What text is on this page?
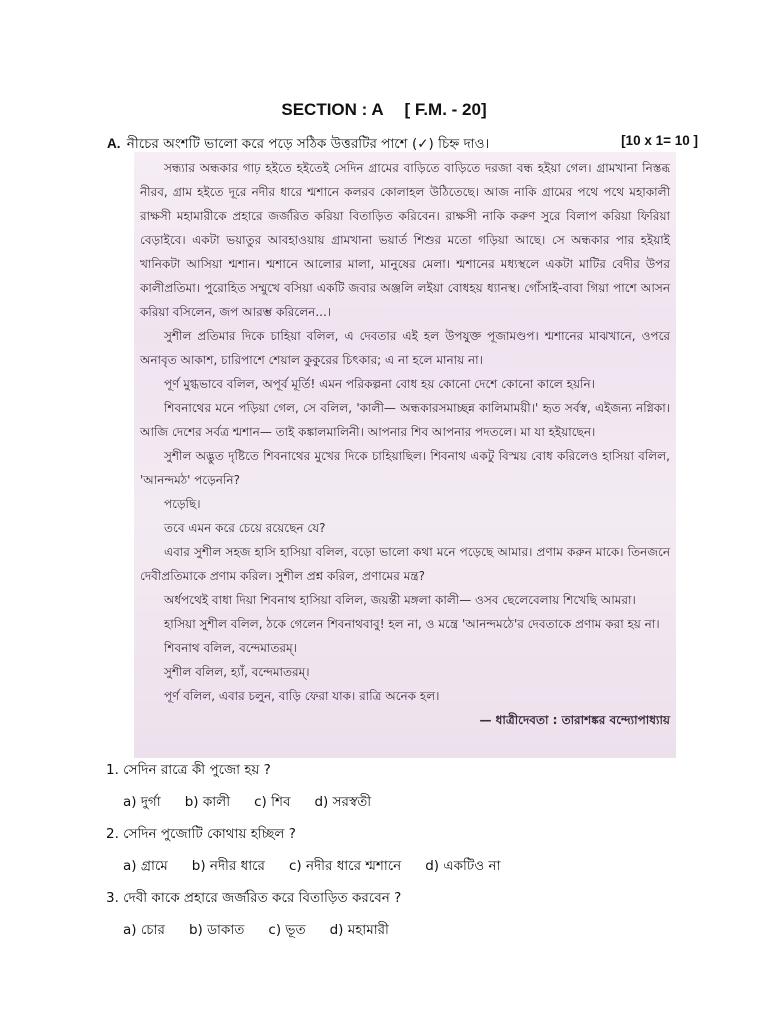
SECTION : A [ F.M. - 20]
A. নীচের অংশটি ভালো করে পড়ে সঠিক উত্তরটির পাশে (✓) চিহ্ন দাও।	[10 x 1= 10 ]

সন্ধ্যার অন্ধকার গাঢ় হইতে হইতেই সেদিন গ্রামের বাড়িতে বাড়িতে দরজা বন্ধ হইয়া গেল। গ্রামখানা নিস্তব্ধ নীরব, গ্রাম হইতে দূরে নদীর ধারে শ্মশানে কলরব কোলাহল উঠিতেছে। আজ নাকি গ্রামের পথে পথে মহাকালী রাক্ষসী মহামারীকে প্রহারে জর্জরিত করিয়া বিতাড়িত করিবেন। রাক্ষসী নাকি করুণ সুরে বিলাপ করিয়া ফিরিয়া বেড়াইবে। একটা ভয়াতুর আবহাওয়ায় গ্রামখানা ভয়ার্ত শিশুর মতো গড়িয়া আছে। সে অন্ধকার পার হইয়াই খানিকটা আসিয়া শ্মশান। শ্মশানে আলোর মালা, মানুষের মেলা। শ্মশানের মধ্যস্থলে একটা মাটির বেদীর উপর কালীপ্রতিমা। পুরোহিত সম্মুখে বসিয়া একটি জবার অঞ্জলি লইয়া বোধহয় ধ্যানস্থ। গোঁসাই-বাবা গিয়া পাশে আসন করিয়া বসিলেন, জপ আরম্ভ করিলেন...।

সুশীল প্রতিমার দিকে চাহিয়া বলিল, এ দেবতার এই হল উপযুক্ত পূজামণ্ডপ। শ্মশানের মাঝখানে, ওপরে অনাবৃত আকাশ, চারিপাশে শেয়াল কুকুরের চিৎকার; এ না হলে মানায় না।

পূর্ণ মুগ্ধভাবে বলিল, অপূর্ব মূর্তি! এমন পরিকল্পনা বোধ হয় কোনো দেশে কোনো কালে হয়নি।

শিবনাথের মনে পড়িয়া গেল, সে বলিল, 'কালী— অন্ধকারসমাচ্ছন্ন কালিমাময়ী।' হৃত সর্বস্ব, এইজন্য নগ্নিকা। আজি দেশের সর্বত্র শ্মশান— তাই কঙ্কালমালিনী। আপনার শিব আপনার পদতলে। মা যা হইয়াছেন।

সুশীল অদ্ভুত দৃষ্টিতে শিবনাথের মুখের দিকে চাহিয়াছিল। শিবনাথ একটু বিস্ময় বোধ করিলেও হাসিয়া বলিল, 'আনন্দমঠ' পড়েননি?

পড়েছি।

তবে এমন করে চেয়ে রয়েছেন যে?

এবার সুশীল সহজ হাসি হাসিয়া বলিল, বড়ো ভালো কথা মনে পড়েছে আমার। প্রণাম করুন মাকে। তিনজনে দেবীপ্রতিমাকে প্রণাম করিল। সুশীল প্রশ্ন করিল, প্রণামের মন্ত্র?

অর্ধপথেই বাধা দিয়া শিবনাথ হাসিয়া বলিল, জয়ন্তী মঙ্গলা কালী— ওসব ছেলেবেলায় শিখেছি আমরা।

হাসিয়া সুশীল বলিল, ঠকে গেলেন শিবনাথবাবু! হল না, ও মন্ত্রে 'আনন্দমঠে'র দেবতাকে প্রণাম করা হয় না।

শিবনাথ বলিল, বন্দেমাতরম্।

সুশীল বলিল, হ্যাঁ, বন্দেমাতরম্।

পূর্ণ বলিল, এবার চলুন, বাড়ি ফেরা যাক। রাত্রি অনেক হল।

— ধাত্রীদেবতা : তারাশঙ্কর বন্দ্যোপাধ্যায়

1. সেদিন রাত্রে কী পুজো হয় ?
a) দুর্গা b) কালী c) শিব d) সরস্বতী
2. সেদিন পুজোটি কোথায় হচ্ছিল ?
a) গ্রামে b) নদীর ধারে c) নদীর ধারে শ্মশানে d) একটিও না
3. দেবী কাকে প্রহারে জর্জরিত করে বিতাড়িত করবেন ?
a) চোর b) ডাকাত c) ভূত d) মহামারী
